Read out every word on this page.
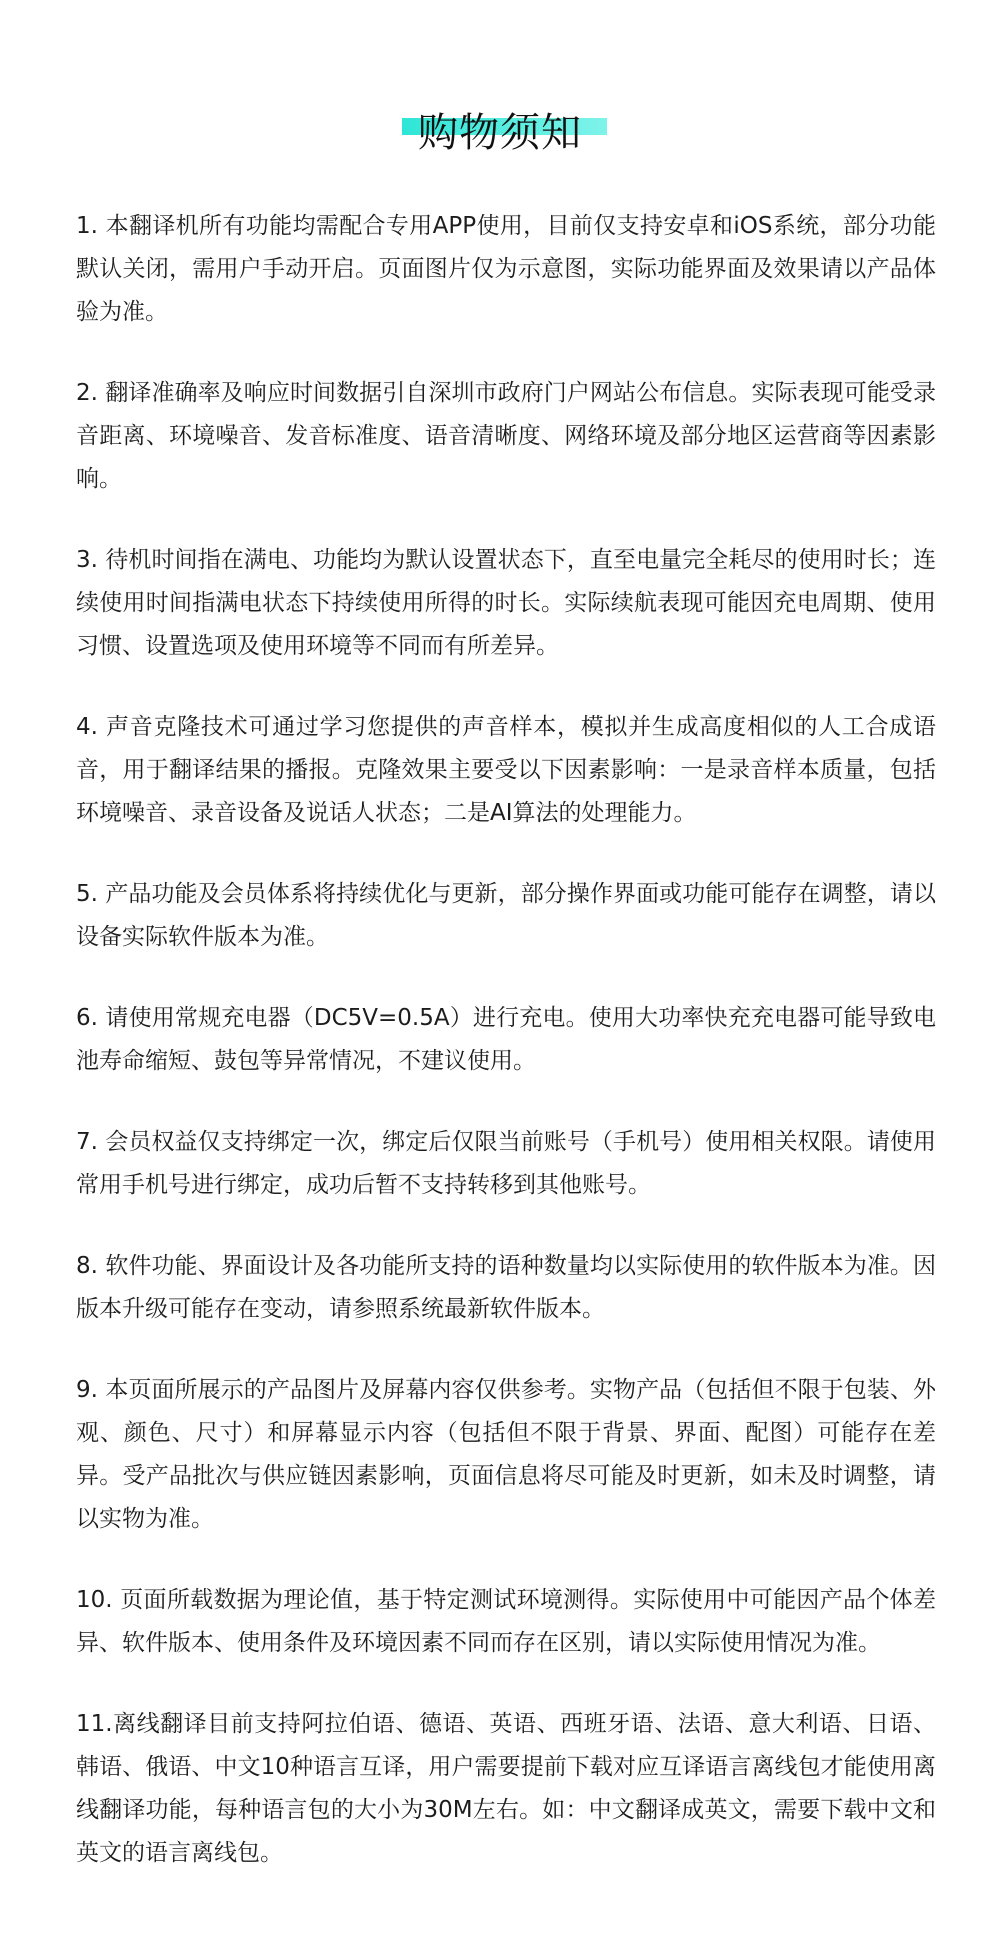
购物须知

1. 本翻译机所有功能均需配合专用APP使用，目前仅支持安卓和iOS系统，部分功能默认关闭，需用户手动开启。页面图片仅为示意图，实际功能界面及效果请以产品体验为准。

2. 翻译准确率及响应时间数据引自深圳市政府门户网站公布信息。实际表现可能受录音距离、环境噪音、发音标准度、语音清晰度、网络环境及部分地区运营商等因素影响。

3. 待机时间指在满电、功能均为默认设置状态下，直至电量完全耗尽的使用时长；连续使用时间指满电状态下持续使用所得的时长。实际续航表现可能因充电周期、使用习惯、设置选项及使用环境等不同而有所差异。

4. 声音克隆技术可通过学习您提供的声音样本，模拟并生成高度相似的人工合成语音，用于翻译结果的播报。克隆效果主要受以下因素影响：一是录音样本质量，包括环境噪音、录音设备及说话人状态；二是AI算法的处理能力。

5. 产品功能及会员体系将持续优化与更新，部分操作界面或功能可能存在调整，请以设备实际软件版本为准。

6. 请使用常规充电器（DC5V=0.5A）进行充电。使用大功率快充充电器可能导致电池寿命缩短、鼓包等异常情况，不建议使用。

7. 会员权益仅支持绑定一次，绑定后仅限当前账号（手机号）使用相关权限。请使用常用手机号进行绑定，成功后暂不支持转移到其他账号。

8. 软件功能、界面设计及各功能所支持的语种数量均以实际使用的软件版本为准。因版本升级可能存在变动，请参照系统最新软件版本。

9. 本页面所展示的产品图片及屏幕内容仅供参考。实物产品（包括但不限于包装、外观、颜色、尺寸）和屏幕显示内容（包括但不限于背景、界面、配图）可能存在差异。受产品批次与供应链因素影响，页面信息将尽可能及时更新，如未及时调整，请以实物为准。

10. 页面所载数据为理论值，基于特定测试环境测得。实际使用中可能因产品个体差异、软件版本、使用条件及环境因素不同而存在区别，请以实际使用情况为准。

11.离线翻译目前支持阿拉伯语、德语、英语、西班牙语、法语、意大利语、日语、韩语、俄语、中文10种语言互译，用户需要提前下载对应互译语言离线包才能使用离线翻译功能，每种语言包的大小为30M左右。如：中文翻译成英文，需要下载中文和英文的语言离线包。
